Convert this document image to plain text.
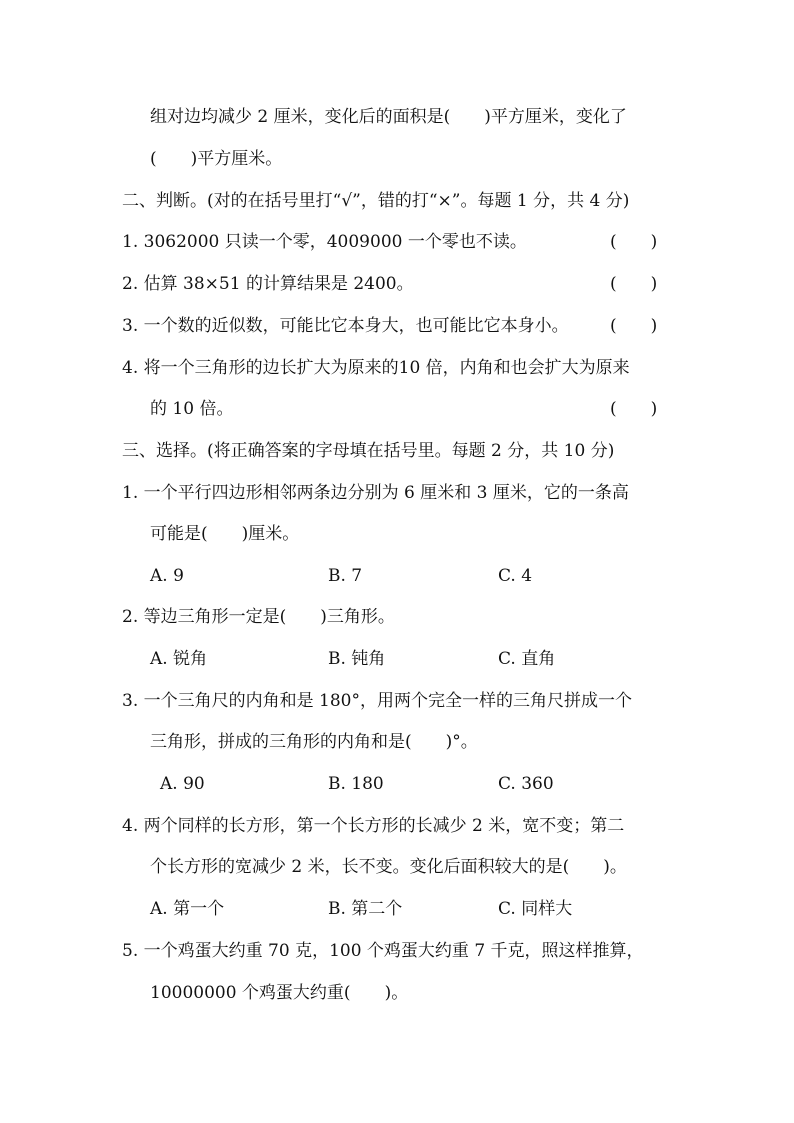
组对边均减少 2 厘米，变化后的面积是(　　)平方厘米，变化了
(　　)平方厘米。
二、判断。(对的在括号里打“√”，错的打“×”。每题 1 分，共 4 分)
1. 3062000 只读一个零，4009000 一个零也不读。	(　　)
2. 估算 38×51 的计算结果是 2400。	(　　)
3. 一个数的近似数，可能比它本身大，也可能比它本身小。 (　　)
4. 将一个三角形的边长扩大为原来的10 倍，内角和也会扩大为原来
的 10 倍。	(　　)
三、选择。(将正确答案的字母填在括号里。每题 2 分，共 10 分)
1. 一个平行四边形相邻两条边分别为 6 厘米和 3 厘米，它的一条高
可能是(　　)厘米。
A. 9	B. 7	C. 4
2. 等边三角形一定是(　　)三角形。
A. 锐角	B. 钝角	C. 直角
3. 一个三角尺的内角和是 180°，用两个完全一样的三角尺拼成一个
三角形，拼成的三角形的内角和是(　　)°。
A. 90	B. 180	C. 360
4. 两个同样的长方形，第一个长方形的长减少 2 米，宽不变；第二
个长方形的宽减少 2 米，长不变。变化后面积较大的是(　　)。
A. 第一个	B. 第二个	C. 同样大
5. 一个鸡蛋大约重 70 克，100 个鸡蛋大约重 7 千克，照这样推算，
10000000 个鸡蛋大约重(　　)。
